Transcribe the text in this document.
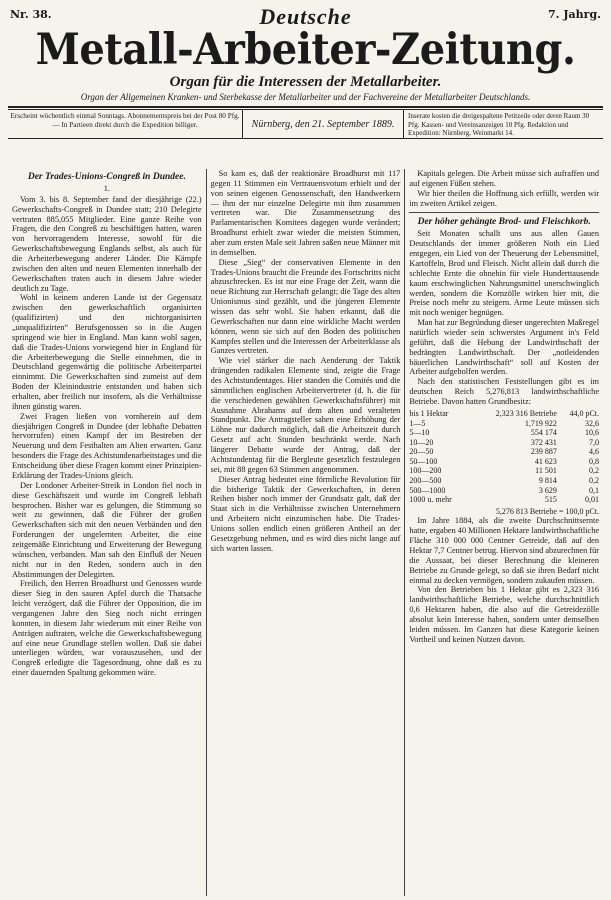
Nr. 38.	Deutsche	7. Jahrg.
Metall-Arbeiter-Zeitung.
Organ für die Interessen der Metallarbeiter.
Organ der Allgemeinen Kranken- und Sterbekasse der Metallarbeiter und der Fachvereine der Metallarbeiter Deutschlands.
Erscheint wöchentlich einmal Sonntags. Abonnementspreis bei der Post 80 Pfg. — In Partieen direkt durch die Expedition billiger.	Nürnberg, den 21. September 1889.
Inserate kosten die dreigespaltene Petitzeile oder deren Raum 30 Pfg. Kassen- und Vereinsanzeigen 10 Pfg. Redaktion und Expedition: Nürnberg, Weinmarkt 14.
Der Trades-Unions-Congreß in Dundee.
1.

Vom 3. bis 8. September fand der diesjährige (22.) Gewerkschafts-Congreß in Dundee statt; 210 Delegirte vertraten 885,055 Mitglieder. Eine ganze Reihe von Fragen, die den Congreß zu beschäftigen hatten, waren von hervorragendem Interesse, sowohl für die Gewerkschaftsbewegung Englands selbst, als auch für die Arbeiterbewegung anderer Länder. Die Kämpfe zwischen den alten und neuen Elementen innerhalb der Gewerkschaften traten auch in diesem Jahre wieder deutlich zu Tage.

Wohl in keinem anderen Lande ist der Gegensatz zwischen den gewerkschaftlich organisirten (qualifizirten) und den nichtorganisirten „unqualifizirten“ Berufsgenossen so in die Augen springend wie hier in England. Man kann wohl sagen, daß die Trades-Unions vorwiegend hier in England für die Arbeiterbewegung die Stelle einnehmen, die in Deutschland gegenwärtig die politische Arbeiterpartei einnimmt. Die Gewerkschaften sind zumeist auf dem Boden der Kleinindustrie entstanden und haben sich erhalten, aber freilich nur insofern, als die Verhältnisse ihnen günstig waren.

Zwei Fragen ließen von vornherein auf dem diesjährigen Congreß in Dundee (der lebhafte Debatten hervorrufen) einen Kampf der im Bestreben der Neuerung und dem Festhalten am Alten erwarten. Ganz besonders die Frage des Achtstundenarbeitstages und die Entscheidung über diese Fragen kommt einer Prinzipien-Erklärung der Trades-Unions gleich.

Der Londoner Arbeiter-Streik in London fiel noch in diese Geschäftszeit und wurde im Congreß lebhaft besprochen. Bisher war es gelungen, die Stimmung so weit zu gewinnen, daß die Führer der großen Gewerkschaften sich mit den neuen Verbänden und den Forderungen der ungelernten Arbeiter, die eine zeitgemäße Einrichtung und Erweiterung der Bewegung wünschen, verbanden. Man sah den Einfluß der Neuen nicht nur in den Reden, sondern auch in den Abstimmungen der Delegirten.

Freilich, den Herren Broadhurst und Genossen wurde dieser Sieg in den sauren Apfel durch die Thatsache leicht verzögert, daß die Führer der Opposition, die im vergangenen Jahre den Sieg noch nicht erringen konnten, in diesem Jahr wiederum mit einer Reihe von Anträgen auftraten, welche die Gewerkschaftsbewegung auf eine neue Grundlage stellen wollen. Daß sie dabei unterliegen würden, war vorauszusehen, und der Congreß erledigte die Tagesordnung, ohne daß es zu einer dauernden Spaltung gekommen wäre.

So kam es, daß der reaktionäre Broadhurst mit 117 gegen 11 Stimmen ein Vertrauensvotum erhielt und der von seinen eigenen Genossenschaft, den Handwerkern — ihm der nur einzelne Delegirte mit ihm zusammen vertreten war. Die Zusammensetzung des Parlamentarischen Komitees dagegen wurde verändert; Broadhurst erhielt zwar wieder die meisten Stimmen, aber zum ersten Male seit Jahren saßen neue Männer mit in demselben.

Diese „Sieg“ der conservativen Elemente in den Trades-Unions braucht die Freunde des Fortschritts nicht abzuschrecken. Es ist nur eine Frage der Zeit, wann die neue Richtung zur Herrschaft gelangt; die Tage des alten Unionismus sind gezählt, und die jüngeren Elemente wissen das sehr wohl. Sie haben erkannt, daß die Gewerkschaften nur dann eine wirkliche Macht werden können, wenn sie sich auf den Boden des politischen Kampfes stellen und die Interessen der Arbeiterklasse als Ganzes vertreten.

Wie viel stärker die nach Aenderung der Taktik drängenden radikalen Elemente sind, zeigte die Frage des Achtstundentages. Hier standen die Comités und die sämmtlichen englischen Arbeitervertreter (d. h. die für die verschiedenen gewählten Gewerkschaftsführer) mit Ausnahme Abrahams auf dem alten und veralteten Standpunkt. Die Antragsteller sahen eine Erhöhung der Löhne nur dadurch möglich, daß die Arbeitszeit durch Gesetz auf acht Stunden beschränkt werde. Nach längerer Debatte wurde der Antrag, daß der Achtstundentag für die Bergleute gesetzlich festzulegen sei, mit 88 gegen 63 Stimmen angenommen.

Dieser Antrag bedeutet eine förmliche Revolution für die bisherige Taktik der Gewerkschaften, in deren Reihen bisher noch immer der Grundsatz galt, daß der Staat sich in die Verhältnisse zwischen Unternehmern und Arbeitern nicht einzumischen habe. Die Trades-Unions sollen endlich einen größeren Antheil an der Gesetzgebung nehmen, und es wird dies nicht lange auf sich warten lassen.

Kapitals gelegen. Die Arbeit müsse sich aufraffen und auf eigenen Füßen stehen.

Wir hier theilen die Hoffnung sich erfüllt, werden wir im zweiten Artikel zeigen.

Der höher gehängte Brod- und Fleischkorb.

Seit Monaten schallt uns aus allen Gauen Deutschlands der immer größeren Noth ein Lied entgegen, ein Lied von der Theuerung der Lebensmittel, Kartoffeln, Brod und Fleisch. Nicht allein daß durch die schlechte Ernte die ohnehin für viele Hunderttausende kaum erschwinglichen Nahrungsmittel unerschwinglich werden, sondern die Kornzölle wirken hier mit, die Preise noch mehr zu steigern. Arme Leute müssen sich mit noch weniger begnügen.

Man hat zur Begründung dieser ungerechten Maßregel natürlich wieder sein schwerstes Argument in's Feld geführt, daß die Hebung der Landwirthschaft der bedrängten Landwirthschaft. Der „notleidenden bäuerlichen Landwirthschaft“ soll auf Kosten der Arbeiter aufgeholfen werden.

Nach den statistischen Feststellungen gibt es im deutschen Reich 5,276,813 landwirthschaftliche Betriebe. Davon hatten Grundbesitz:

bis 1 Hektar	2,323 316 Betriebe	44,0 pCt.
1—5	1,719 922	32,6
5—10	554 174	10,6
10—20	372 431	7,0
20—50	239 887	4,6
50—100	41 623	0,8
100—200	11 501	0,2
200—500	9 814	0,2
500—1000	3 629	0,1
1000 u. mehr	515	0,01
5,276 813 Betriebe = 100,0 pCt.

Im Jahre 1884, als die zweite Durchschnittsernte hatte, ergaben 40 Millionen Hektare landwirthschaftliche Fläche 310 000 000 Centner Getreide, daß auf den Hektar 7,7 Centner betrug. Hiervon sind abzurechnen für die Aussaat, bei dieser Berechnung die kleineren Betriebe zu Grunde gelegt, so daß sie ihren Bedarf nicht einmal zu decken vermögen, sondern zukaufen müssen.

Von den Betrieben bis 1 Hektar gibt es 2,323 316 landwirthschaftliche Betriebe, welche durchschnittlich 0,6 Hektaren haben, die also auf die Getreidezölle absolut kein Interesse haben, sondern unter demselben leiden müssen. Im Ganzen hat diese Kategorie keinen Vortheil und keinen Nutzen davon.
